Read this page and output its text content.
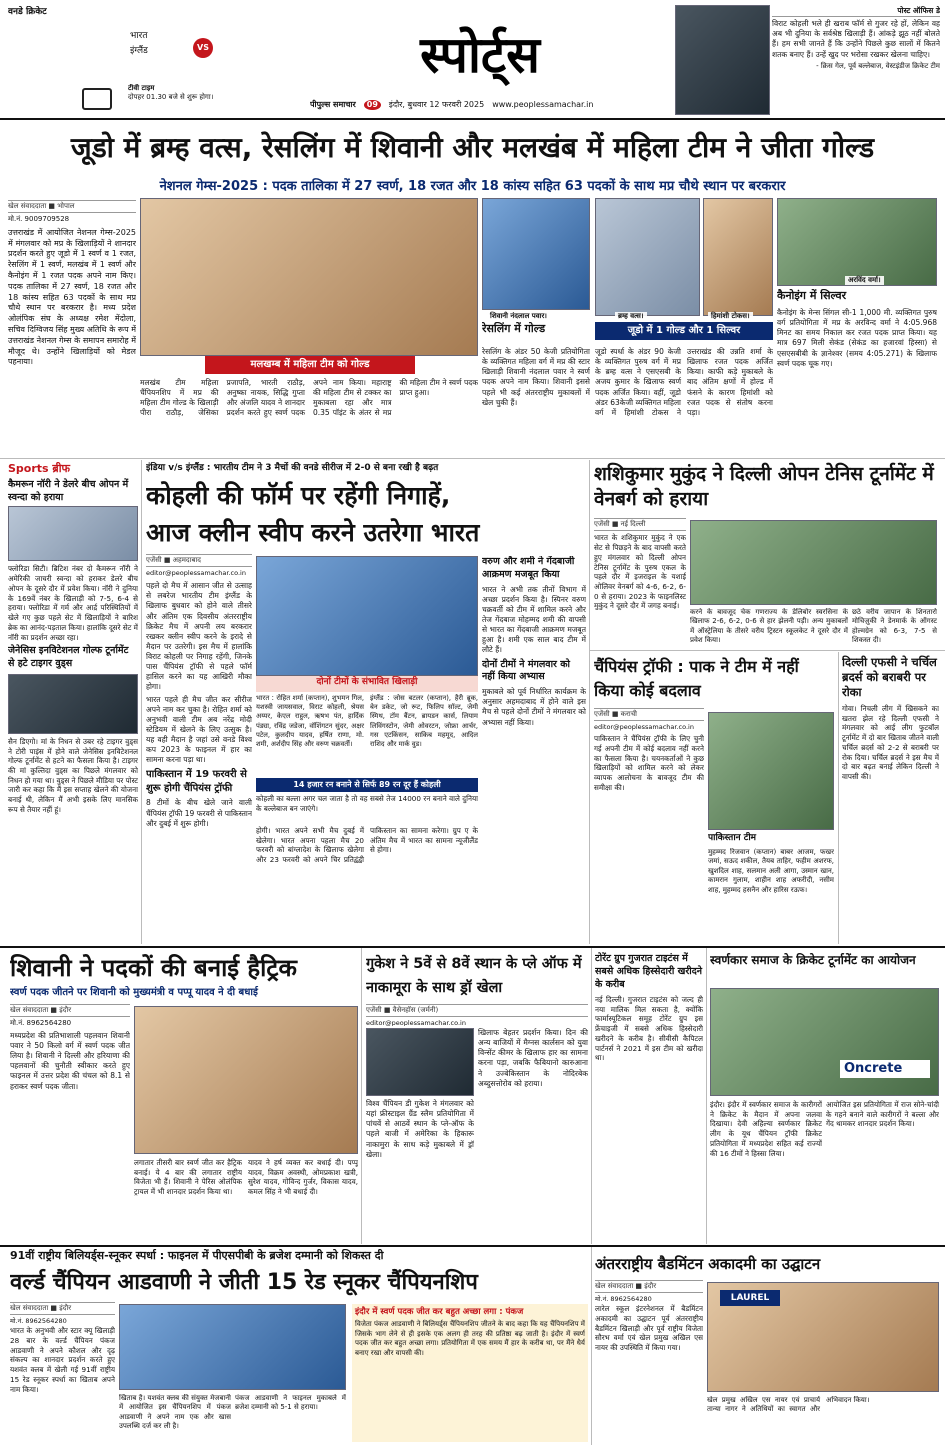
वनडे क्रिकेट
भारत
इंग्लैंड	VS
टीवी टाइम
दोपहर 01.30 बजे से शुरू होगा।
स्पोर्ट्स
पीपुल्स समाचार	09	इंदौर, बुधवार 12 फरवरी 2025 www.peoplessamachar.in
पोस्ट ऑफिस डे
विराट कोहली भले ही खराब फॉर्म से गुजर रहे हों, लेकिन वह अब भी दुनिया के सर्वश्रेष्ठ खिलाड़ी हैं। आंकड़े झूठ नहीं बोलते हैं। हम सभी जानते हैं कि उन्होंने पिछले कुछ सालों में कितने शतक बनाए हैं। उन्हें खुद पर भरोसा रखकर खेलना चाहिए।
- क्रिस गेल, पूर्व बल्लेबाज, वेस्टइंडीज क्रिकेट टीम
जूडो में ब्रम्ह वत्स, रेसलिंग में शिवानी और मलखंब में महिला टीम ने जीता गोल्ड
नेशनल गेम्स-2025 : पदक तालिका में 27 स्वर्ण, 18 रजत और 18 कांस्य सहित 63 पदकों के साथ मप्र चौथे स्थान पर बरकरार
खेल संवाददाता ■ भोपाल
मो.नं. 9009709528

उत्तराखंड में आयोजित नेशनल गेम्स-2025 में मंगलवार को मप्र के खिलाड़ियों ने शानदार प्रदर्शन करते हुए जूडो में 1 स्वर्ण व 1 रजत, रेसलिंग में 1 स्वर्ण, मलखंब में 1 स्वर्ण और कैनोइंग में 1 रजत पदक अपने नाम किए। पदक तालिका में 27 स्वर्ण, 18 रजत और 18 कांस्य सहित 63 पदकों के साथ मप्र चौथे स्थान पर बरकरार है। मध्य प्रदेश ओलंपिक संघ के अध्यक्ष रमेश मेंदोला, सचिव दिग्विजय सिंह मुख्य अतिथि के रूप में उत्तराखंड नेशनल गेम्स के समापन समारोह में मौजूद थे। उन्होंने खिलाड़ियों को मेडल पहनाया।	मलखम्ब में महिला टीम को गोल्ड

मलखंब टीम महिला चैंपियनशिप में मप्र की महिला टीम गोल्ड के खिलाड़ी पीरा राठौड़, जेसिका प्रजापति, भारती राठौड़, अनुष्का नायक, सिद्धि गुप्ता और अंजलि यादव ने शानदार प्रदर्शन करते हुए स्वर्ण पदक अपने नाम किया। महाराष्ट्र की महिला टीम से टक्कर का मुकाबला रहा और मात्र 0.35 पॉइंट के अंतर से मप्र की महिला टीम ने स्वर्ण पदक प्राप्त हुआ।

शिवानी नंदलाल पवार।
रेसलिंग में गोल्ड

रेसलिंग के अंडर 50 केजी प्रतियोगिता के व्यक्तिगत महिला वर्ग में मप्र की स्टार खिलाड़ी शिवानी नंदलाल पवार ने स्वर्ण पदक अपने नाम किया। शिवानी इससे पहले भी कई अंतरराष्ट्रीय मुकाबलों में खेल चुकी हैं।

ब्रम्ह वत्स।	हिमांशी टोकस।
जूडो में 1 गोल्ड और 1 सिल्वर

जूडो स्पर्धा के अंडर 90 केजी के व्यक्तिगत पुरुष वर्ग में मप्र के ब्रम्ह वत्स ने एसएसबी के अजय कुमार के खिलाफ स्वर्ण पदक अर्जित किया। वहीं, जूडो अंडर 63केजी व्यक्तिगत महिला वर्ग में हिमांशी टोकस ने उत्तराखंड की उन्नति शर्मा के खिलाफ रजत पदक अर्जित किया। काफी कड़े मुकाबले के बाद अंतिम क्षणों में होल्ड में फंसने के कारण हिमांशी को रजत पदक से संतोष करना पड़ा।

अरविंद वर्मा।
कैनोइंग में सिल्वर

कैनोइंग के मेन्स सिंगल सी-1 1,000 मी. व्यक्तिगत पुरुष वर्ग प्रतियोगिता में मप्र के अरविन्द वर्मा ने 4:05.968 मिनट का समय निकाल कर रजत पदक प्राप्त किया। यह मात्र 697 मिली सेकंड (सेकंड का हजारवां हिस्सा) से एसएसबीबी के ज्ञानेश्वर (समय 4:05.271) के खिलाफ स्वर्ण पदक चूक गए।

Sports ब्रीफ
कैमरून नॉरी ने डेलरे बीच ओपन में स्वन्दा को हराया

फ्लोरिडा सिटी। ब्रिटिश नंबर दो कैमरून नॉरी ने अमेरिकी जाचरी स्वन्दा को हराकर डेलरे बीच ओपन के दूसरे दौर में प्रवेश किया। नॉरी ने दुनिया के 169वें नंबर के खिलाड़ी को 7-5, 6-4 से हराया। फ्लोरिडा में गर्म और आर्द्र परिस्थितियों में खेले गए कुछ पहले सेट में खिलाड़ियों ने बारिश ब्रेक का आनंद-पड़ताल किया। हालांकि दूसरे सेट में नॉरी का प्रदर्शन अच्छा रहा।

जेनेसिस इनविटेशनल गोल्फ टूर्नामेंट से हटे टाइगर वुड्स

सैन डिएगो। मां के निधन से उबर रहे टाइगर वुड्स ने टोरी पाइंस में होने वाले जेनेसिस इनविटेशनल गोल्फ टूर्नामेंट से हटने का फैसला किया है। टाइगर की मां कुल्तिदा वुड्स का पिछले मंगलवार को निधन हो गया था। वुड्स ने पिछले मीडिया पर पोस्ट जारी कर कहा कि मैं इस सप्ताह खेलने की योजना बनाई थी, लेकिन मैं अभी इसके लिए मानसिक रूप से तैयार नहीं हूं।

इंडिया v/s इंग्लैंड : भारतीय टीम ने 3 मैचों की वनडे सीरीज में 2-0 से बना रखी है बढ़त
कोहली की फॉर्म पर रहेंगी निगाहें,
आज क्लीन स्वीप करने उतरेगा भारत
एजेंसी ■ अहमदाबाद
editor@peoplessamachar.co.in

पहले दो मैच में आसान जीत से उत्साह से लबरेज भारतीय टीम इंग्लैंड के खिलाफ बुधवार को होने वाले तीसरे और अंतिम एक दिवसीय अंतरराष्ट्रीय क्रिकेट मैच में अपनी लय बरकरार रखकर क्लीन स्वीप करने के इरादे से मैदान पर उतरेगी। इस मैच में हालांकि विराट कोहली पर निगाह रहेंगी, जिनके पास चैंपियंस ट्रॉफी से पहले फॉर्म हासिल करने का यह आखिरी मौका होगा।

भारत पहले ही मैच जीत कर सीरीज अपने नाम कर चुका है। रोहित शर्मा को अनुभवी वाली टीम अब नरेंद्र मोदी स्टेडियम में खेलने के लिए उत्सुक है। यह वही मैदान है जहां उसे वनडे विश्व कप 2023 के फाइनल में हार का सामना करना पड़ा था।

पाकिस्तान में 19 फरवरी से शुरू होगी चैंपियंस ट्रॉफी

8 टीमों के बीच खेले जाने वाली चैंपियंस ट्रॉफी 19 फरवरी से पाकिस्तान और दुबई में शुरू होगी।

दोनों टीमों के संभावित खिलाड़ी

भारत : रोहित शर्मा (कप्तान), शुभमन गिल, यशस्वी जायसवाल, विराट कोहली, श्रेयस अय्यर, केएल राहुल, ऋषभ पंत, हार्दिक पंड्या, रविंद्र जडेजा, वॉशिंगटन सुंदर, अक्षर पटेल, कुलदीप यादव, हर्षित राणा, मो. शमी, अर्शदीप सिंह और वरुण चक्रवर्ती।

इंग्लैंड : जोस बटलर (कप्तान), हैरी ब्रूक, बेन डकेट, जो रूट, फिलिप सॉल्ट, जेमी स्मिथ, टॉम बैंटन, ब्रायडन कार्स, लियाम लिविंगस्टोन, जेमी ओवरटन, जोफ्रा आर्चर, गस एटकिंसन, साकिब महमूद, आदिल राशिद और मार्क वुड।

14 हजार रन बनाने से सिर्फ 89 रन दूर हैं कोहली

कोहली का बल्ला अगर चल जाता है तो वह सबसे तेज 14000 रन बनाने वाले दुनिया के बल्लेबाज बन जाएंगे।

होगी। भारत अपने सभी मैच दुबई में खेलेगा। भारत अपना पहला मैच 20 फरवरी को बांग्लादेश के खिलाफ खेलेगा और 23 फरवरी को अपने चिर प्रतिद्वंद्वी पाकिस्तान का सामना करेगा। ग्रुप ए के अंतिम मैच में भारत का सामना न्यूजीलैंड से होगा।

वरुण और शमी ने गेंदबाजी आक्रमण मजबूत किया

भारत ने अभी तक तीनों विभाग में अच्छा प्रदर्शन किया है। स्पिनर वरुण चक्रवर्ती को टीम में शामिल करने और तेज गेंदबाज मोहम्मद शमी की वापसी से भारत का गेंदबाजी आक्रमण मजबूत हुआ है। शमी एक साल बाद टीम में लौटे हैं।

दोनों टीमों ने मंगलवार को नहीं किया अभ्यास

मुकाबले को पूर्व निर्धारित कार्यक्रम के अनुसार अहमदाबाद में होने वाले इस मैच से पहले दोनों टीमों ने मंगलवार को अभ्यास नहीं किया।

शशिकुमार मुकुंद ने दिल्ली ओपन टेनिस टूर्नामेंट में वेनबर्ग को हराया
एजेंसी ■ नई दिल्ली

भारत के शशिकुमार मुकुंद ने एक सेट से पिछड़ने के बाद वापसी करते हुए मंगलवार को दिल्ली ओपन टेनिस टूर्नामेंट के पुरुष एकल के पहले दौर में इजराइल के यशाई ओलिवर वेनबर्ग को 4-6, 6-2, 6-0 से हराया। 2023 के फाइनलिस्ट मुकुंद ने दूसरे दौर में जगह बनाई।

करने के बावजूद चेक गणराज्य के डेलिबोर स्वरसिना के खिलाफ 2-6, 6-2, 0-6 से हार झेलनी पड़ी। अन्य मुकाबलों में ऑस्ट्रेलिया के तीसरे वरीय ट्रिस्टन स्कूलकेट ने दूसरे दौर में प्रवेश किया।

छठे वरीय जापान के शिनतारो मोचिज़ुकी ने डेनमार्क के ऑगस्ट होल्मग्रेन को 6-3, 7-5 से शिकस्त दी।

चैंपियंस ट्रॉफी : पाक ने टीम में नहीं किया कोई बदलाव
एजेंसी ■ कराची
editor@peoplessamachar.co.in

पाकिस्तान ने चैंपियंस ट्रॉफी के लिए चुनी गई अपनी टीम में कोई बदलाव नहीं करने का फैसला किया है। चयनकर्ताओं ने कुछ खिलाड़ियों को शामिल करने को लेकर व्यापक आलोचना के बावजूद टीम की समीक्षा की।

पाकिस्तान टीम

मुहम्मद रिजवान (कप्तान) बाबर आजम, फखर जमां, सऊद शकील, तैयब ताहिर, फहीम अशरफ, खुशदिल शाह, सलमान अली आगा, उस्मान खान, कामरान गुलाम, शाहीन शाह अफरीदी, नसीम शाह, मुहम्मद हसनैन और हारिस रऊफ।

दिल्ली एफसी ने चर्चिल ब्रदर्स को बराबरी पर रोका

गोवा। निचली लीग में खिसकने का खतरा झेल रहे दिल्ली एफसी ने मंगलवार को आई लीग फुटबॉल टूर्नामेंट में दो बार खिताब जीतने वाली चर्चिल ब्रदर्स को 2-2 से बराबरी पर रोक दिया। चर्चिल ब्रदर्स ने इस मैच में दो बार बढ़त बनाई लेकिन दिल्ली ने वापसी की।

शिवानी ने पदकों की बनाई हैट्रिक
स्वर्ण पदक जीतने पर शिवानी को मुख्यमंत्री व पप्पू यादव ने दी बधाई
खेल संवाददाता ■ इंदौर
मो.नं. 8962564280

मध्यप्रदेश की प्रतिभाशाली पहलवान शिवानी पवार ने 50 किलो वर्ग में स्वर्ण पदक जीत लिया है। शिवानी ने दिल्ली और हरियाणा की पहलवानों की चुनौती स्वीकार करते हुए फाइनल में उत्तर प्रदेश की चंचल को 8.1 से हराकर स्वर्ण पदक जीता।

लगातार तीसरी बार स्वर्ण जीत कर हैट्रिक बनाई। ये 4 बार की लगातार राष्ट्रीय विजेता भी हैं। शिवानी ने पेरिस ओलंपिक ट्रायल में भी शानदार प्रदर्शन किया था।

यादव ने हर्ष व्यक्त कर बधाई दी। पप्पू यादव, विक्रम अवस्थी, ओमप्रकाश खत्री, सुरेश यादव, गोविन्द गुर्जर, विकास यादव, कमल सिंह ने भी बधाई दी।

गुकेश ने 5वें से 8वें स्थान के प्ले ऑफ में नाकामूरा के साथ ड्रॉ खेला
एजेंसी ■ वैसेनहॉस (जर्मनी)
editor@peoplessamachar.co.in

विश्व चैंपियन डी गुकेश ने मंगलवार को यहां फ्रीस्टाइल ग्रैंड स्लैम प्रतियोगिता में पांचवें से आठवें स्थान के प्ले-ऑफ के पहले बाजी में अमेरिका के हिकारू नाकामुरा के साथ कड़े मुकाबले में ड्रॉ खेला।

खिलाफ बेहतर प्रदर्शन किया। दिन की अन्य बाजियों में मैग्नस कार्लसन को युवा विन्सेंट कीमर के खिलाफ हार का सामना करना पड़ा, जबकि फैबियानो कारुआना ने उज्बेकिस्तान के नोदिरबेक अब्दुसत्तोरोव को हराया।

टोरेंट ग्रुप गुजरात टाइटंस में सबसे अधिक हिस्सेदारी खरीदने के करीब

नई दिल्ली। गुजरात टाइटंस को जल्द ही नया मालिक मिल सकता है, क्योंकि फार्मास्यूटिकल समूह टोरेंट ग्रुप इस फ्रेंचाइजी में सबसे अधिक हिस्सेदारी खरीदने के करीब है। सीवीसी कैपिटल पार्टनर्स ने 2021 में इस टीम को खरीदा था।

स्वर्णकार समाज के क्रिकेट टूर्नामेंट का आयोजन
Oncrete

इंदौर। इंदौर में स्वर्णकार समाज के कारीगरों ने क्रिकेट के मैदान में अपना जलवा दिखाया। देवी अहिल्या स्वर्णकार क्रिकेट लीग के यूथ चैंपियन ट्रॉफी क्रिकेट प्रतियोगिता में मध्यप्रदेश सहित कई राज्यों की 16 टीमों ने हिस्सा लिया।

आयोजित इस प्रतियोगिता में राज सोने-चांदी के गहने बनाने वाले कारीगरों ने बल्ला और गेंद थामकर शानदार प्रदर्शन किया।

91वीं राष्ट्रीय बिलियर्ड्स-स्नूकर स्पर्धा : फाइनल में पीएसपीबी के ब्रजेश दम्मानी को शिकस्त दी
वर्ल्ड चैंपियन आडवाणी ने जीती 15 रेड स्नूकर चैंपियनशिप
खेल संवाददाता ■ इंदौर
मो.नं. 8962564280

भारत के अनुभवी और स्टार क्यू खिलाड़ी 28 बार के वर्ल्ड चैंपियन पंकज आडवाणी ने अपने कौशल और दृढ़ संकल्प का शानदार प्रदर्शन करते हुए यशवंत क्लब में खेली गई 91वीं राष्ट्रीय 15 रेड स्नूकर स्पर्धा का खिताब अपने नाम किया।

खिताब है। यशवंत क्लब की संयुक्त मेजबानी में आयोजित इस चैंपियनशिप में पंकज आडवाणी ने अपने नाम एक और खास उपलब्धि दर्ज कर ली है।

पंकज आडवाणी ने फाइनल मुकाबले में ब्रजेश दम्मानी को 5-1 से हराया।

इंदौर में स्वर्ण पदक जीत कर बहुत अच्छा लगा : पंकज

विजेता पंकज आडवाणी ने बिलियर्ड्स चैंपियनशिप जीतने के बाद कहा कि यह चैंपियनशिप में जिसके भाग लेने से ही इसके एक अलग ही तरह की प्रतिष्ठा बढ़ जाती है। इंदौर में स्वर्ण पदक जीत कर बहुत अच्छा लगा। प्रतियोगिता में एक समय मैं हार के करीब था, पर मैंने धैर्य बनाए रखा और वापसी की।

अंतरराष्ट्रीय बैडमिंटन अकादमी का उद्घाटन
खेल संवाददाता ■ इंदौर
मो.नं. 8962564280

लारेल स्कूल इंटरनेशनल में बैडमिंटन अकादमी का उद्घाटन पूर्व अंतरराष्ट्रीय बैडमिंटन खिलाड़ी और पूर्व राष्ट्रीय विजेता सौरभ वर्मा एवं खेल प्रमुख अखिल एस नायर की उपस्थिति में किया गया।

LAUREL

खेल प्रमुख अखिल एस नायर एवं प्राचार्य तान्या नागर ने अतिथियों का स्वागत और अभिवादन किया।
